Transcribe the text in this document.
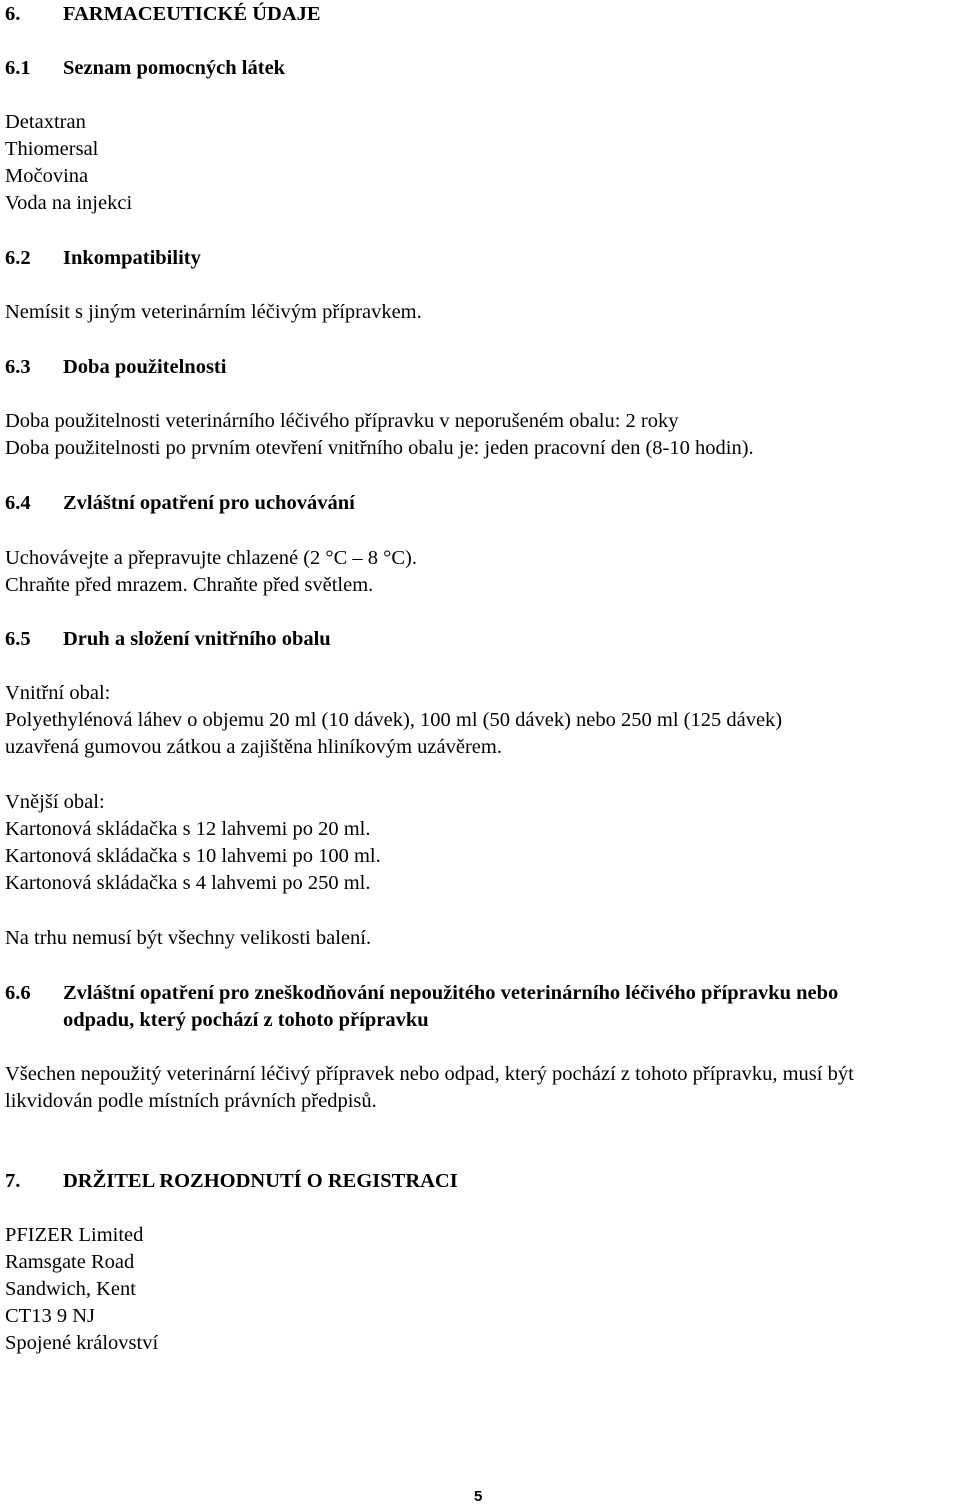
6. FARMACEUTICKÉ ÚDAJE
6.1 Seznam pomocných látek
Detaxtran
Thiomersal
Močovina
Voda na injekci
6.2 Inkompatibility
Nemísit s jiným veterinárním léčivým přípravkem.
6.3 Doba použitelnosti
Doba použitelnosti veterinárního léčivého přípravku v neporušeném obalu: 2 roky
Doba použitelnosti po prvním otevření vnitřního obalu je: jeden pracovní den (8-10 hodin).
6.4 Zvláštní opatření pro uchovávání
Uchovávejte a přepravujte chlazené (2 °C – 8 °C).
Chraňte před mrazem. Chraňte před světlem.
6.5 Druh a složení vnitřního obalu
Vnitřní obal:
Polyethylénová láhev o objemu 20 ml (10 dávek), 100 ml (50 dávek) nebo 250 ml (125 dávek)
uzavřená gumovou zátkou a zajištěna hliníkovým uzávěrem.
Vnější obal:
Kartonová skládačka s 12 lahvemi po 20 ml.
Kartonová skládačka s 10 lahvemi po 100 ml.
Kartonová skládačka s 4 lahvemi po 250 ml.
Na trhu nemusí být všechny velikosti balení.
6.6 Zvláštní opatření pro zneškodňování nepoužitého veterinárního léčivého přípravku nebo
odpadu, který pochází z tohoto přípravku
Všechen nepoužitý veterinární léčivý přípravek nebo odpad, který pochází z tohoto přípravku, musí být
likvidován podle místních právních předpisů.
7. DRŽITEL ROZHODNUTÍ O REGISTRACI
PFIZER Limited
Ramsgate Road
Sandwich, Kent
CT13 9 NJ
Spojené království
5
